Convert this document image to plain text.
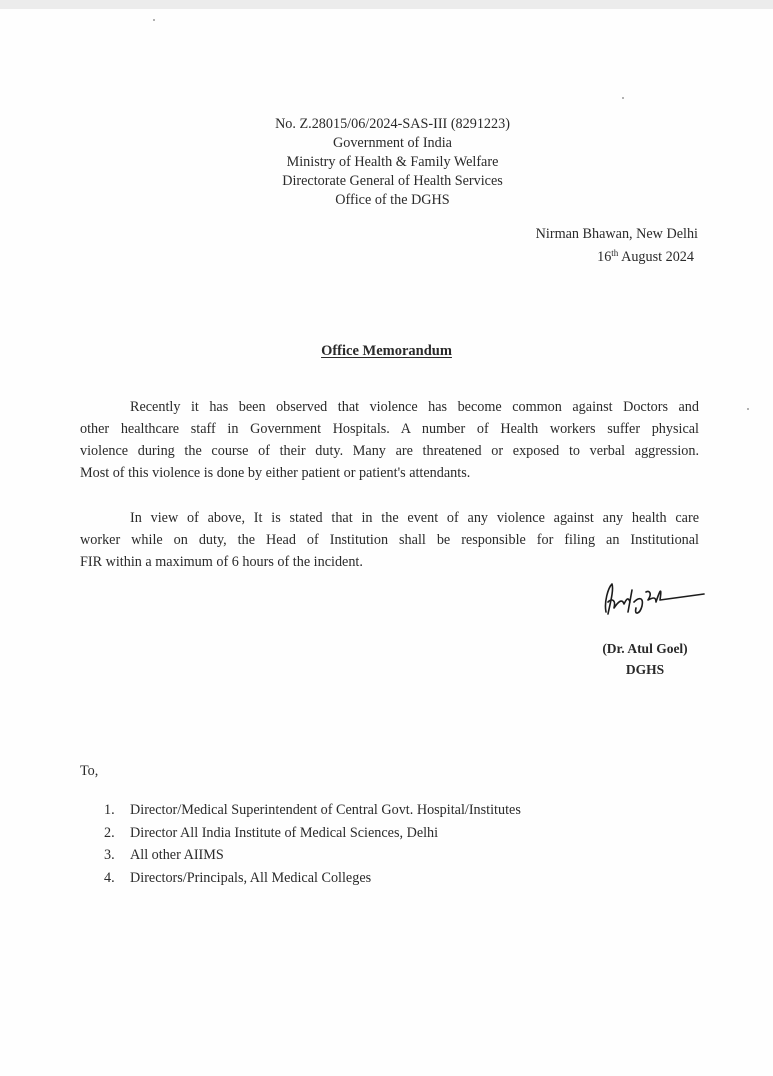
No. Z.28015/06/2024-SAS-III (8291223)
Government of India
Ministry of Health & Family Welfare
Directorate General of Health Services
Office of the DGHS
Nirman Bhawan, New Delhi
16th August 2024
Office Memorandum
Recently it has been observed that violence has become common against Doctors and
other healthcare staff in Government Hospitals. A number of Health workers suffer physical
violence during the course of their duty. Many are threatened or exposed to verbal aggression.
Most of this violence is done by either patient or patient's attendants.
In view of above, It is stated that in the event of any violence against any health care
worker while on duty, the Head of Institution shall be responsible for filing an Institutional
FIR within a maximum of 6 hours of the incident.
(Dr. Atul Goel)
DGHS
To,
1.	Director/Medical Superintendent of Central Govt. Hospital/Institutes
2.	Director All India Institute of Medical Sciences, Delhi
3.	All other AIIMS
4.	Directors/Principals, All Medical Colleges
